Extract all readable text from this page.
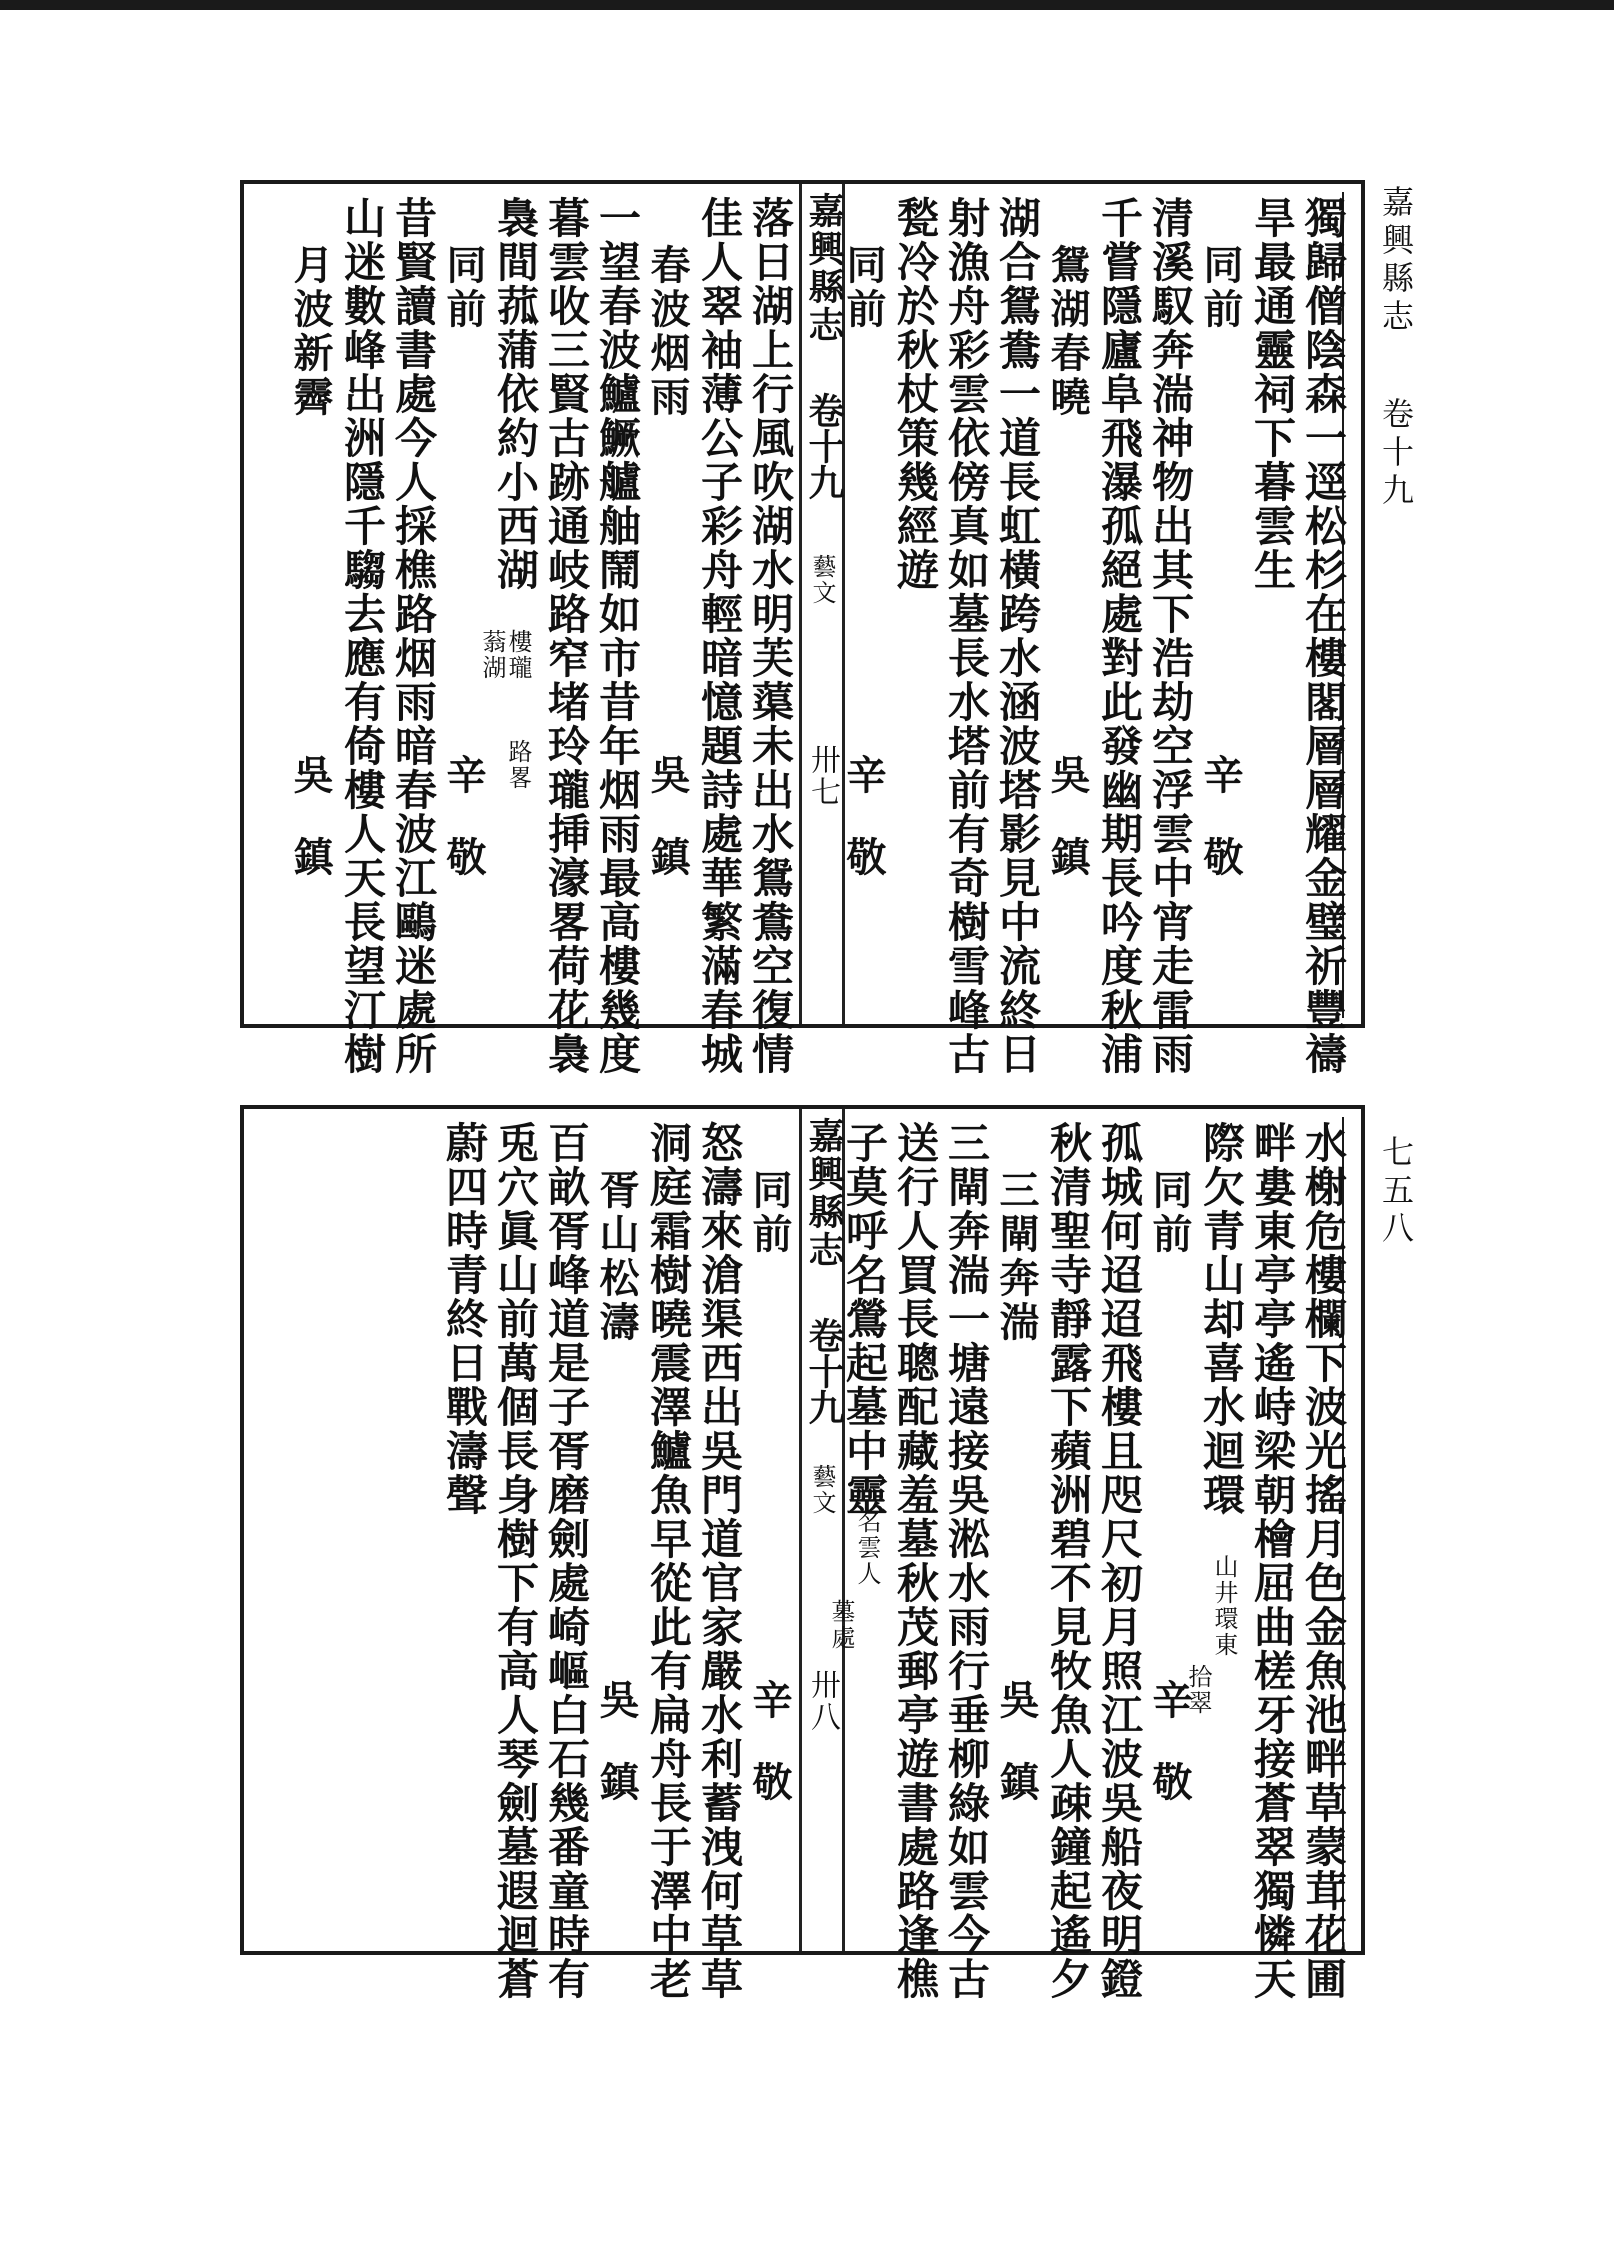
嘉興縣志卷十九
七五八
嘉興縣志
卷十九
藝文
卅七	獨歸僧陰森一逕松杉在樓閣層層耀金璧祈豐禱
旱最通靈祠下暮雲生
同前
辛敬
清溪馭奔湍神物出其下浩劫空浮雲中宵走雷雨
千嘗隱廬阜飛瀑孤絕處對此發幽期長吟度秋浦
鴛湖春曉
吳鎮
湖合鴛鴦一道長虹橫跨水涵波塔影見中流終日
射漁舟彩雲依傍真如墓長水塔前有奇樹雪峰古
甃冷於秋杖策幾經遊
同前
辛敬
落日湖上行風吹湖水明芙蕖未出水鴛鴦空復情
佳人翠袖薄公子彩舟輕暗憶題詩處華繁滿春城
春波烟雨
吳鎮
一望春波鱸鱖艫舳鬧如市昔年烟雨最高樓幾度
暮雲收三賢古跡通岐路窄堵玲瓏挿濠畧荷花裊
裊間菰蒲依約小西湖
樓瓏
蓊湖
路畧
同前
辛敬
昔賢讀書處今人採樵路烟雨暗春波江鷗迷處所
山迷數峰出洲隱千騶去應有倚樓人天長望汀樹
月波新霽
吳鎮
嘉興縣志
卷十九
藝文
卅八	水榭危樓欄下波光搖月色金魚池畔草蒙茸花圃
畔婁東亭亭遙峙梁朝檜屈曲槎牙接蒼翠獨憐天
際欠青山却喜水迴環
山井環東
拾翠
同前
辛敬
孤城何迢迢飛樓且咫尺初月照江波吳船夜明鐙
秋清聖寺靜露下蘋洲碧不見牧魚人疎鐘起遙夕
三閘奔湍
吳鎮
三閘奔湍一塘遠接吳淞水雨行垂柳綠如雲今古
送行人買長聰配藏羞墓秋茂郵亭遊書處路逢樵
子莫呼名鶯起墓中靈
名雲人
墓處
同前
辛敬
怒濤來滄渠西出吳門道官家嚴水利蓄洩何草草
洞庭霜樹曉震澤鱸魚早從此有扁舟長于澤中老
胥山松濤
吳鎮
百畝胥峰道是子胥磨劍處崎嶇白石幾番童時有
兎穴眞山前萬個長身樹下有高人琴劍墓遐迴蒼
蔚四時青終日戰濤聲
